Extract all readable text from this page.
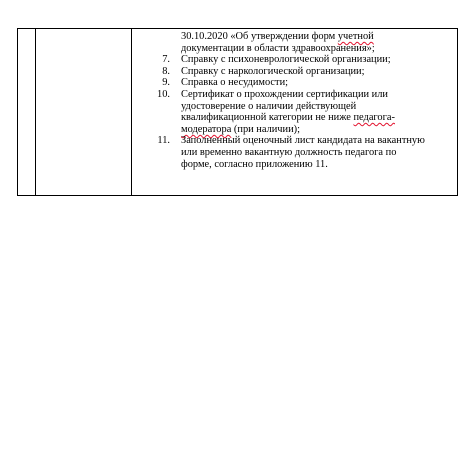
30.10.2020 «Об утверждении форм учетной
документации в области здравоохранения»;
7. Справку с психоневрологической организации;
8. Справку с наркологической организации;
9. Справка о несудимости;
10. Сертификат о прохождении сертификации или
удостоверение о наличии действующей
квалификационной категории не ниже педагога-
модератора (при наличии);
11. Заполненный оценочный лист кандидата на вакантную
или временно вакантную должность педагога по
форме, согласно приложению 11.
